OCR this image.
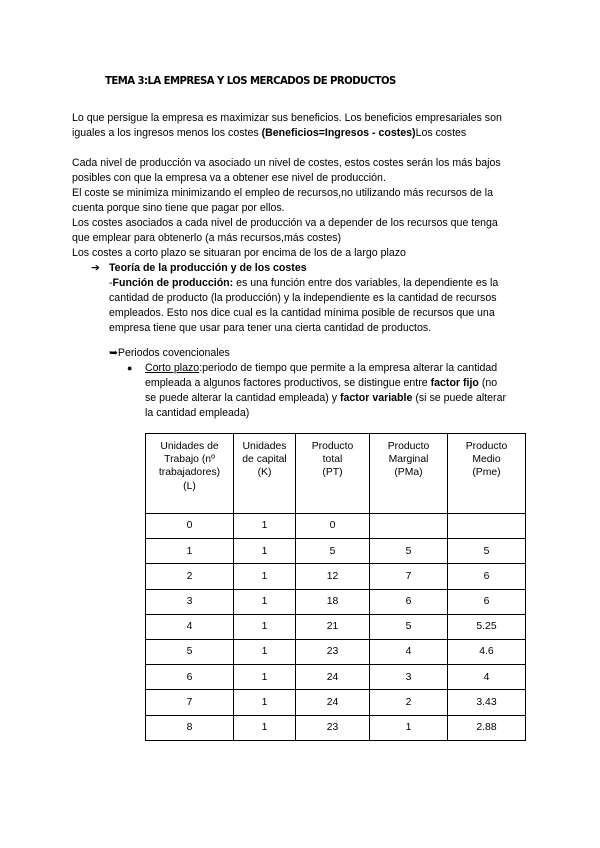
TEMA 3:LA EMPRESA Y LOS MERCADOS DE PRODUCTOS
Lo que persigue la empresa es maximizar sus beneficios. Los beneficios empresariales son
iguales a los ingresos menos los costes (Beneficios=Ingresos - costes)Los costes
Cada nivel de producción va asociado un nivel de costes, estos costes serán los más bajos
posibles con que la empresa va a obtener ese nivel de producción.
El coste se minimiza minimizando el empleo de recursos,no utilizando más recursos de la
cuenta porque sino tiene que pagar por ellos.
Los costes asociados a cada nivel de producción va a depender de los recursos que tenga
que emplear para obtenerlo (a más recursos,más costes)
Los costes a corto plazo se situaran por encima de los de a largo plazo
➔ Teoría de la producción y de los costes
-Función de producción: es una función entre dos variables, la dependiente es la
cantidad de producto (la producción) y la independiente es la cantidad de recursos
empleados. Esto nos dice cual es la cantidad mínima posible de recursos que una
empresa tiene que usar para tener una cierta cantidad de productos.
➥Periodos covencionales
● Corto plazo:periodo de tiempo que permite a la empresa alterar la cantidad
empleada a algunos factores productivos, se distingue entre factor fijo (no
se puede alterar la cantidad empleada) y factor variable (si se puede alterar
la cantidad empleada)
Unidades de
Trabajo (nº
trabajadores)
(L)	Unidades
de capital
(K)	Producto
total
(PT)	Producto
Marginal
(PMa)	Producto
Medio
(Pme)

0	1	0		
1	1	5	5	5
2	1	12	7	6
3	1	18	6	6
4	1	21	5	5.25
5	1	23	4	4.6
6	1	24	3	4
7	1	24	2	3.43
8	1	23	1	2.88
